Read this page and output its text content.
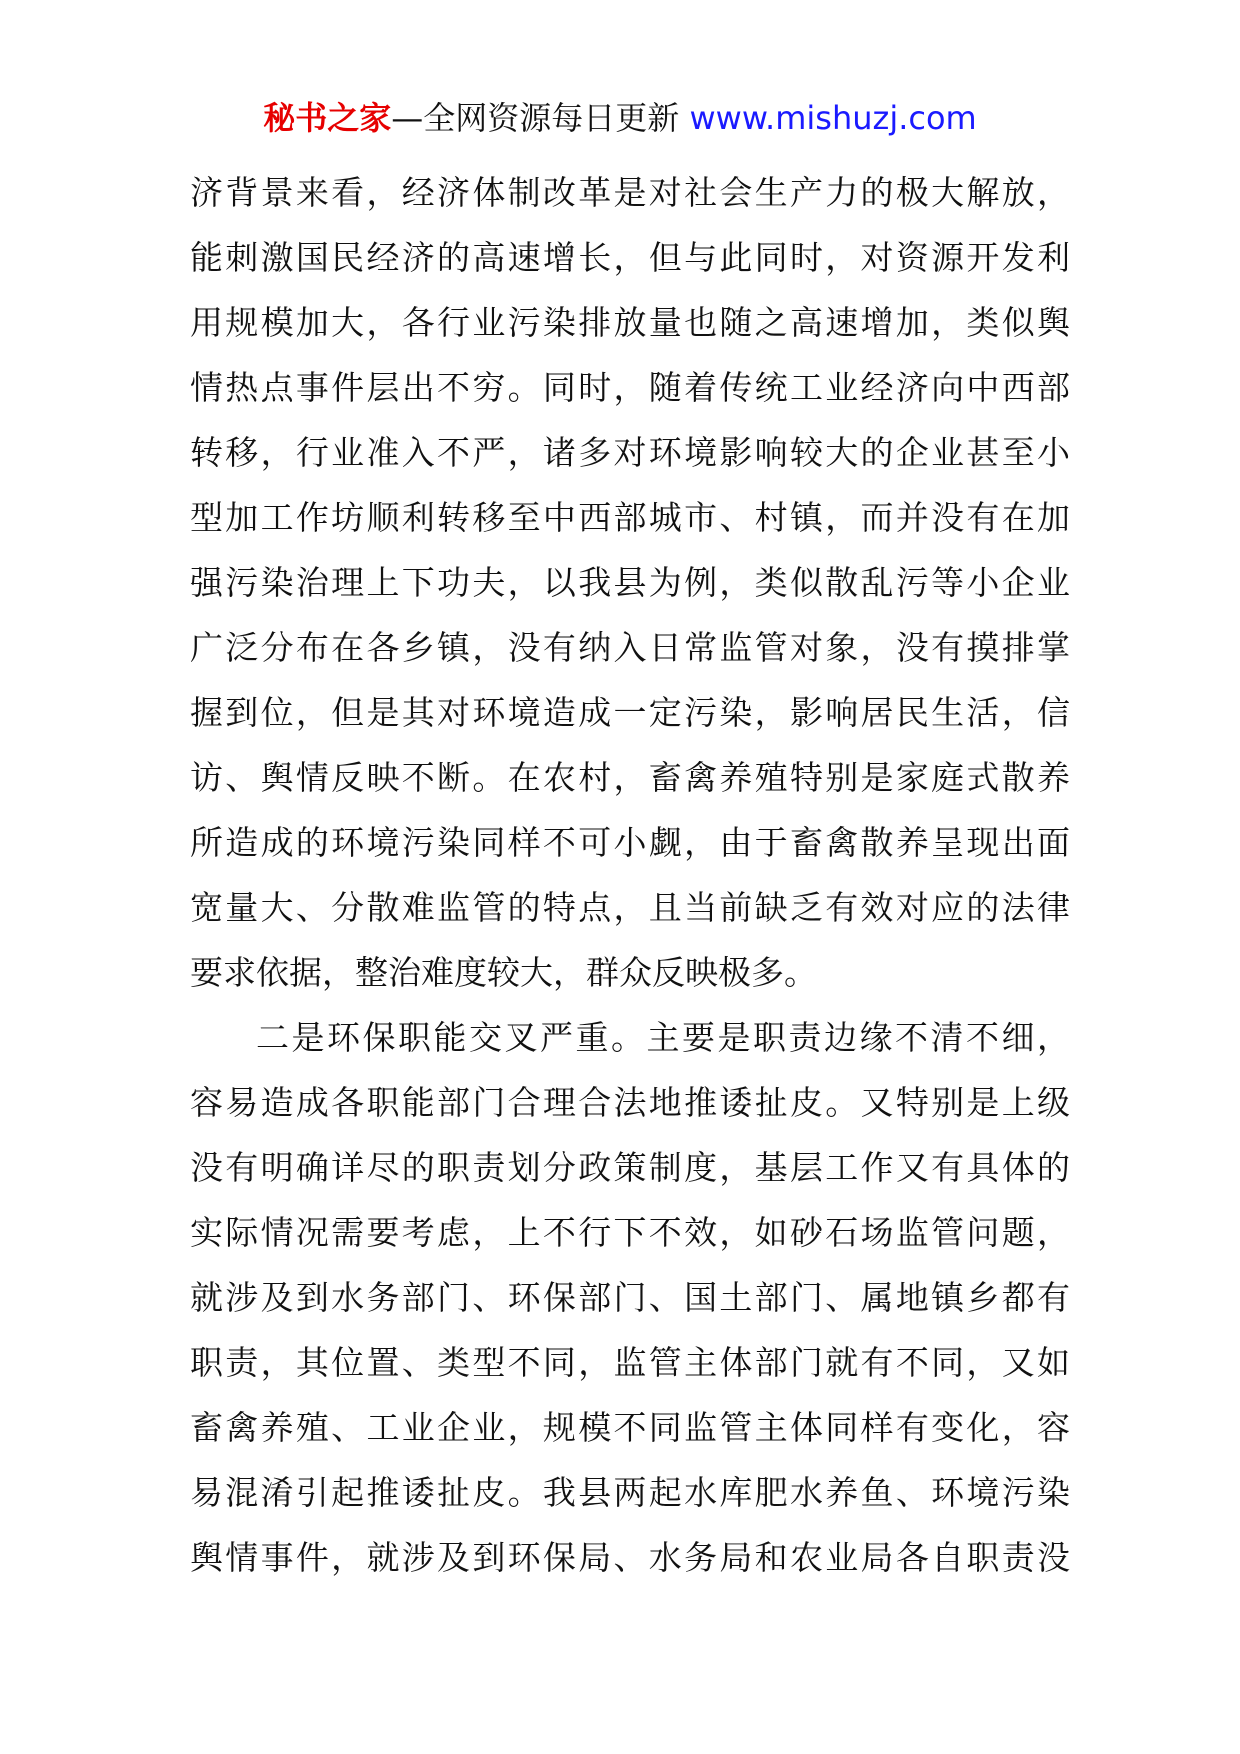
秘书之家—全网资源每日更新 www.mishuzj.com
济背景来看，经济体制改革是对社会生产力的极大解放，
能刺激国民经济的高速增长，但与此同时，对资源开发利
用规模加大，各行业污染排放量也随之高速增加，类似舆
情热点事件层出不穷。同时，随着传统工业经济向中西部
转移，行业准入不严，诸多对环境影响较大的企业甚至小
型加工作坊顺利转移至中西部城市、村镇，而并没有在加
强污染治理上下功夫，以我县为例，类似散乱污等小企业
广泛分布在各乡镇，没有纳入日常监管对象，没有摸排掌
握到位，但是其对环境造成一定污染，影响居民生活，信
访、舆情反映不断。在农村，畜禽养殖特别是家庭式散养
所造成的环境污染同样不可小觑，由于畜禽散养呈现出面
宽量大、分散难监管的特点，且当前缺乏有效对应的法律
要求依据，整治难度较大，群众反映极多。
二是环保职能交叉严重。主要是职责边缘不清不细，
容易造成各职能部门合理合法地推诿扯皮。又特别是上级
没有明确详尽的职责划分政策制度，基层工作又有具体的
实际情况需要考虑，上不行下不效，如砂石场监管问题，
就涉及到水务部门、环保部门、国土部门、属地镇乡都有
职责，其位置、类型不同，监管主体部门就有不同，又如
畜禽养殖、工业企业，规模不同监管主体同样有变化，容
易混淆引起推诿扯皮。我县两起水库肥水养鱼、环境污染
舆情事件，就涉及到环保局、水务局和农业局各自职责没
